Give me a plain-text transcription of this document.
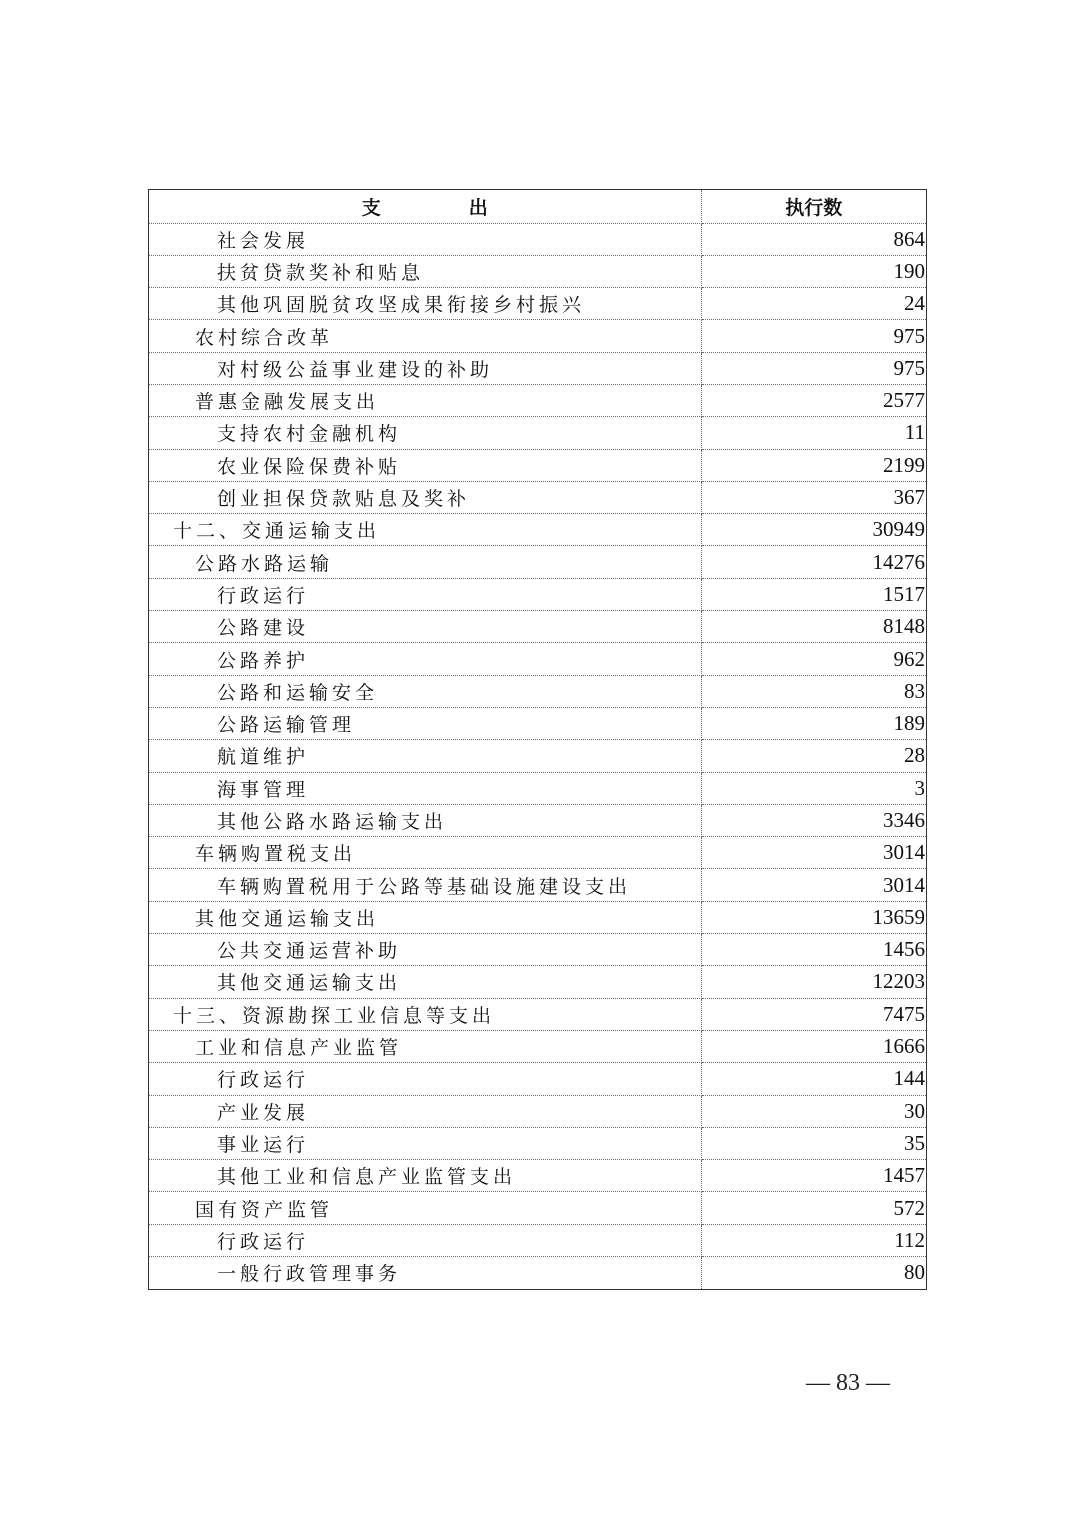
支 出	执行数
社会发展	864
扶贫贷款奖补和贴息	190
其他巩固脱贫攻坚成果衔接乡村振兴	24
农村综合改革	975
对村级公益事业建设的补助	975
普惠金融发展支出	2577
支持农村金融机构	11
农业保险保费补贴	2199
创业担保贷款贴息及奖补	367
十二、交通运输支出	30949
公路水路运输	14276
行政运行	1517
公路建设	8148
公路养护	962
公路和运输安全	83
公路运输管理	189
航道维护	28
海事管理	3
其他公路水路运输支出	3346
车辆购置税支出	3014
车辆购置税用于公路等基础设施建设支出	3014
其他交通运输支出	13659
公共交通运营补助	1456
其他交通运输支出	12203
十三、资源勘探工业信息等支出	7475
工业和信息产业监管	1666
行政运行	144
产业发展	30
事业运行	35
其他工业和信息产业监管支出	1457
国有资产监管	572
行政运行	112
一般行政管理事务	80
— 83 —
